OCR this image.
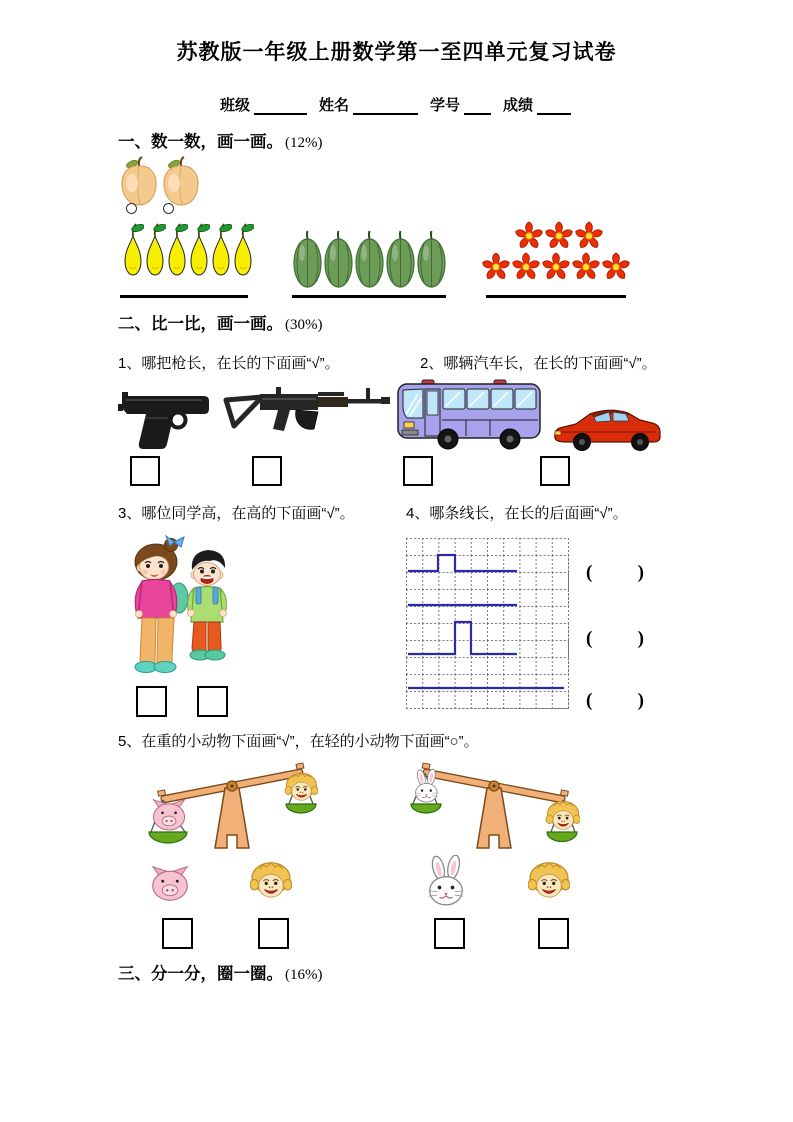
苏教版一年级上册数学第一至四单元复习试卷
班级	姓名	学号	成绩
一、数一数，画一画。 (12%)
二、比一比，画一画。 (30%)
1、哪把枪长，在长的下面画“√”。	2、哪辆汽车长，在长的下面画“√”。
3、哪位同学高，在高的下面画“√”。	4、哪条线长，在长的后面画“√”。
( )
( )
( )
5、在重的小动物下面画“√”，在轻的小动物下面画“○”。
三、分一分，圈一圈。 (16%)
